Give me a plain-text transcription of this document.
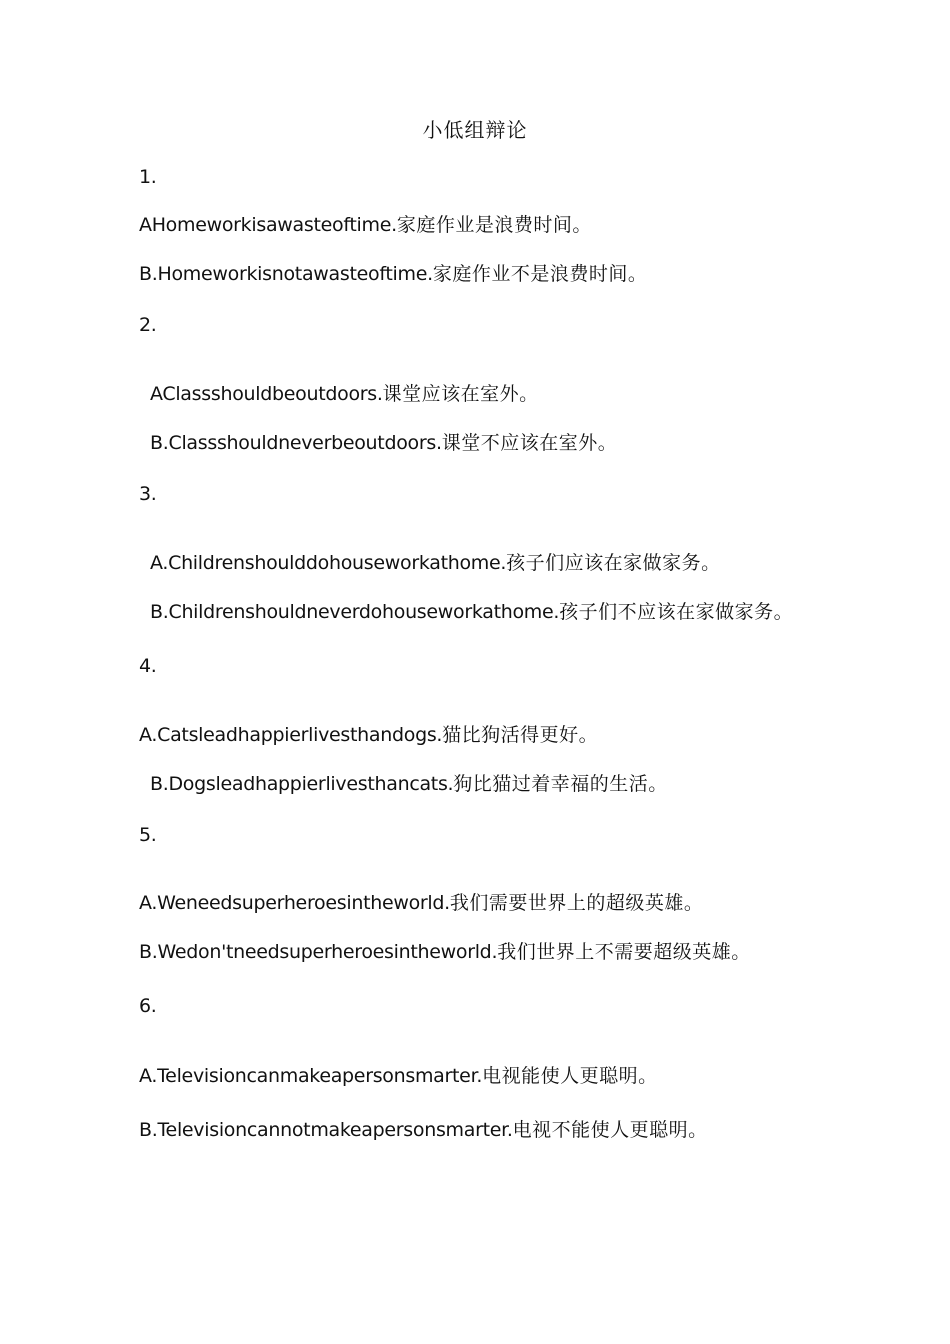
小低组辩论
1.
AHomeworkisawasteoftime.家庭作业是浪费时间。
B.Homeworkisnotawasteoftime.家庭作业不是浪费时间。
2.
AClassshouldbeoutdoors.课堂应该在室外。
B.Classshouldneverbeoutdoors.课堂不应该在室外。
3.
A.Childrenshoulddohouseworkathome.孩子们应该在家做家务。
B.Childrenshouldneverdohouseworkathome.孩子们不应该在家做家务。
4.
A.Catsleadhappierlivesthandogs.猫比狗活得更好。
B.Dogsleadhappierlivesthancats.狗比猫过着幸福的生活。
5.
A.Weneedsuperheroesintheworld.我们需要世界上的超级英雄。
B.Wedon'tneedsuperheroesintheworld.我们世界上不需要超级英雄。
6.
A.Televisioncanmakeapersonsmarter.电视能使人更聪明。
B.Televisioncannotmakeapersonsmarter.电视不能使人更聪明。
